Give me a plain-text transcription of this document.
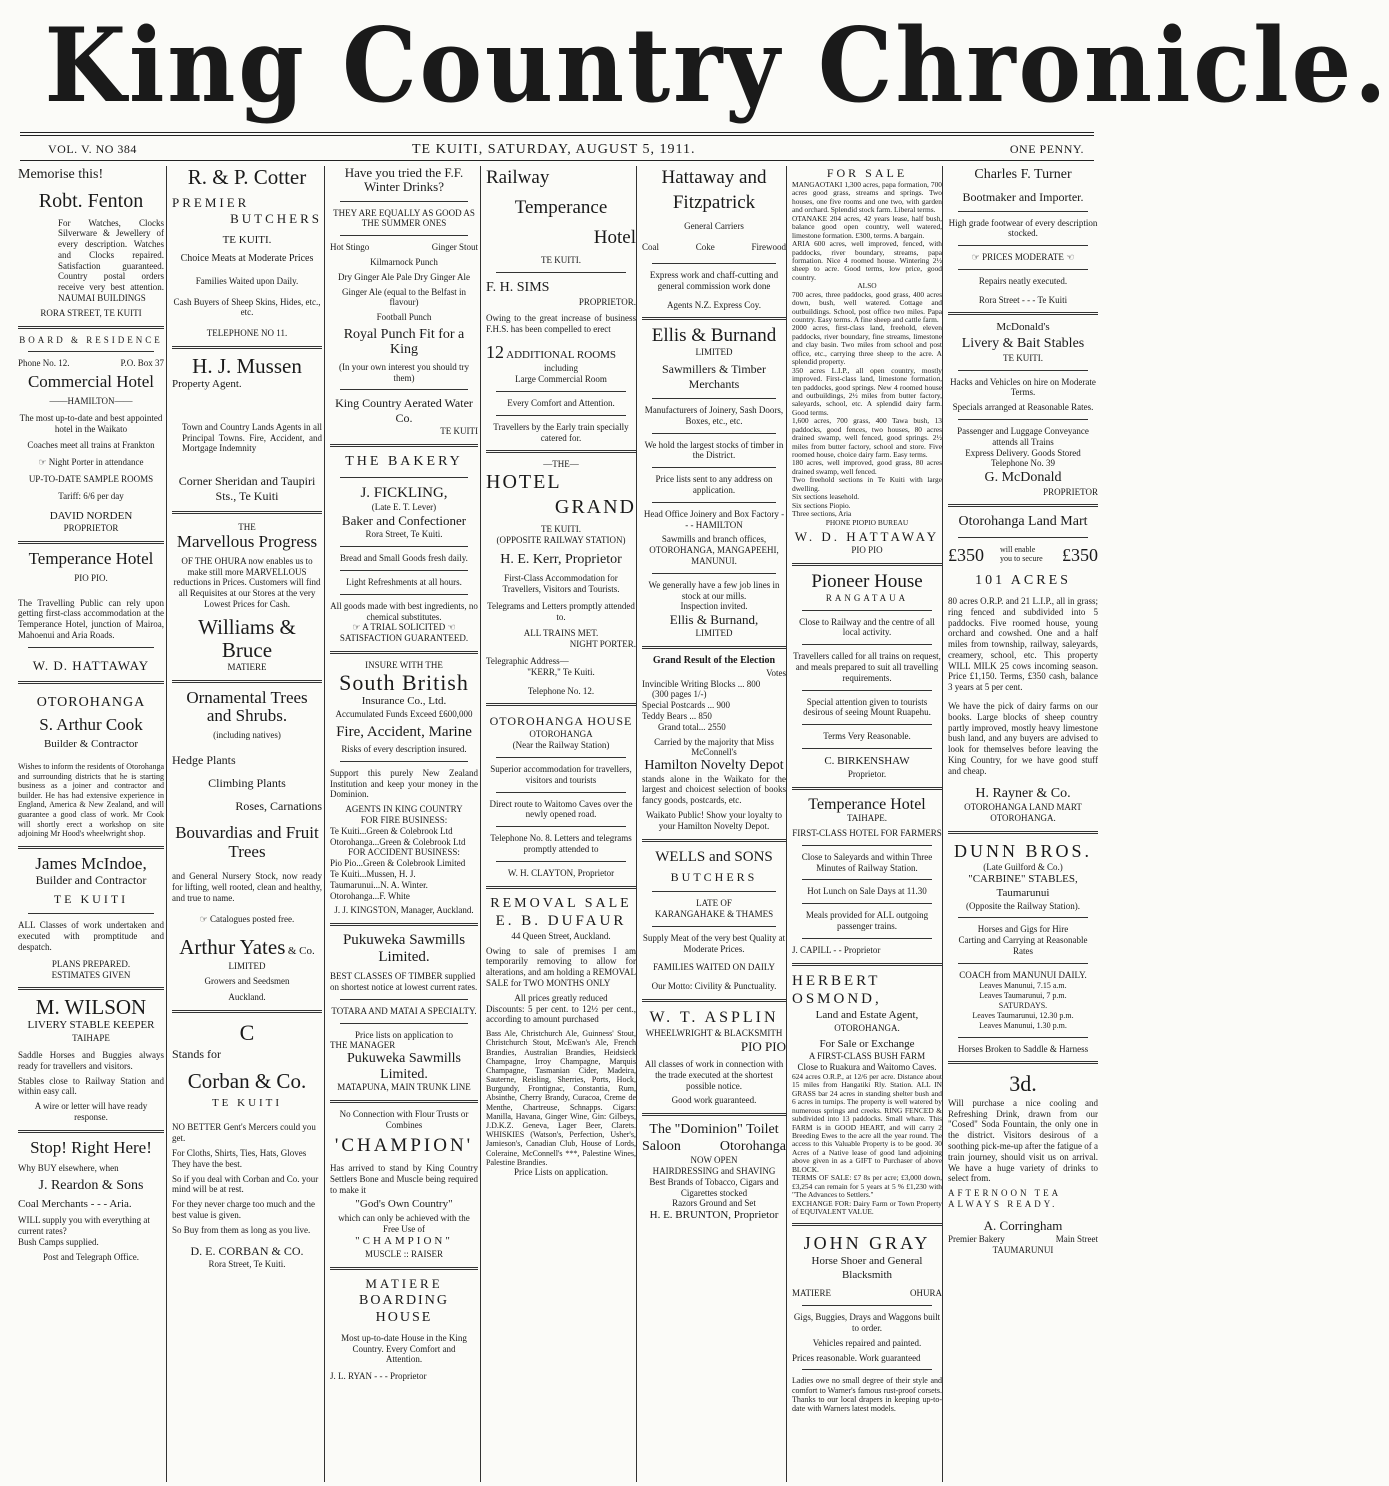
King Country Chronicle.
VOL. V. NO 384	TE KUITI, SATURDAY, AUGUST 5, 1911.	ONE PENNY.
Memorise this!
Robt. Fenton
For Watches, Clocks Silverware & Jewellery of every description. Watches and Clocks repaired. Satisfaction guaranteed. Country postal orders receive very best attention. NAUMAI BUILDINGS
RORA STREET, TE KUITI
BOARD & RESIDENCE
Phone No. 12.	P.O. Box 37
Commercial Hotel
——HAMILTON——
The most up-to-date and best appointed hotel in the Waikato
Coaches meet all trains at Frankton
☞ Night Porter in attendance
UP-TO-DATE SAMPLE ROOMS
Tariff: 6/6 per day
DAVID NORDEN
PROPRIETOR
Temperance Hotel
PIO PIO.
The Travelling Public can rely upon getting first-class accommodation at the Temperance Hotel, junction of Mairoa, Mahoenui and Aria Roads.
W. D. HATTAWAY
OTOROHANGA
S. Arthur Cook
Builder & Contractor
Wishes to inform the residents of Otorohanga and surrounding districts that he is starting business as a joiner and contractor and builder. He has had extensive experience in England, America & New Zealand, and will guarantee a good class of work. Mr Cook will shortly erect a workshop on site adjoining Mr Hood's wheelwright shop.
James McIndoe,
Builder and Contractor
TE KUITI
ALL Classes of work undertaken and executed with promptitude and despatch.
PLANS PREPARED.
ESTIMATES GIVEN
M. WILSON
LIVERY STABLE KEEPER
TAIHAPE
Saddle Horses and Buggies always ready for travellers and visitors.
Stables close to Railway Station and within easy call.
A wire or letter will have ready response.
Stop! Right Here!
Why BUY elsewhere, when
J. Reardon & Sons
Coal Merchants - - - Aria.
WILL supply you with everything at current rates?
Bush Camps supplied.
Post and Telegraph Office.
R. & P. Cotter
PREMIER
BUTCHERS
TE KUITI.
Choice Meats at Moderate Prices
Families Waited upon Daily.
Cash Buyers of Sheep Skins, Hides, etc., etc.
TELEPHONE NO 11.
H. J. Mussen
Property Agent.
Town and Country Lands Agents in all Principal Towns. Fire, Accident, and Mortgage Indemnity
Corner Sheridan and Taupiri Sts., Te Kuiti
THE
Marvellous Progress
OF THE OHURA now enables us to make still more MARVELLOUS reductions in Prices. Customers will find all Requisites at our Stores at the very Lowest Prices for Cash.
Williams & Bruce
MATIERE
Ornamental Trees and Shrubs.
(including natives)
Hedge Plants
Climbing Plants
Roses, Carnations
Bouvardias and Fruit Trees
and General Nursery Stock, now ready for lifting, well rooted, clean and healthy, and true to name.
☞ Catalogues posted free.
Arthur Yates & Co.
LIMITED
Growers and Seedsmen
Auckland.
C
Stands for
Corban & Co.
TE KUITI
NO BETTER Gent's Mercers could you get.
For Cloths, Shirts, Ties, Hats, Gloves They have the best.
So if you deal with Corban and Co. your mind will be at rest.
For they never charge too much and the best value is given.
So Buy from them as long as you live.
D. E. CORBAN & CO.
Rora Street, Te Kuiti.
Have you tried the F.F. Winter Drinks?
THEY ARE EQUALLY AS GOOD AS THE SUMMER ONES
Hot Stingo	Ginger Stout
Kilmarnock Punch
Dry Ginger Ale Pale Dry Ginger Ale
Ginger Ale (equal to the Belfast in flavour)
Football Punch
Royal Punch Fit for a King
(In your own interest you should try them)
King Country Aerated Water Co.
TE KUITI
THE BAKERY
J. FICKLING,
(Late E. T. Lever)
Baker and Confectioner
Rora Street, Te Kuiti.
Bread and Small Goods fresh daily.
Light Refreshments at all hours.
All goods made with best ingredients, no chemical substitutes.
☞ A TRIAL SOLICITED ☜
SATISFACTION GUARANTEED.
INSURE WITH THE
South British
Insurance Co., Ltd.
Accumulated Funds Exceed £600,000
Fire, Accident, Marine
Risks of every description insured.
Support this purely New Zealand Institution and keep your money in the Dominion.
AGENTS IN KING COUNTRY
FOR FIRE BUSINESS:
Te Kuiti...Green & Colebrook Ltd
Otorohanga...Green & Colebrook Ltd
FOR ACCIDENT BUSINESS:
Pio Pio...Green & Colebrook Limited
Te Kuiti...Mussen, H. J.
Taumarunui...N. A. Winter.
Otorohanga...F. White
J. J. KINGSTON, Manager, Auckland.
Pukuweka Sawmills Limited.
BEST CLASSES OF TIMBER supplied on shortest notice at lowest current rates.
TOTARA AND MATAI A SPECIALTY.
Price lists on application to
THE MANAGER
Pukuweka Sawmills Limited.
MATAPUNA, MAIN TRUNK LINE
No Connection with Flour Trusts or Combines
'CHAMPION'
Has arrived to stand by King Country Settlers Bone and Muscle being required to make it
"God's Own Country"
which can only be achieved with the Free Use of
"CHAMPION"
MUSCLE :: RAISER
MATIERE
BOARDING HOUSE
Most up-to-date House in the King Country. Every Comfort and Attention.
J. L. RYAN - - - Proprietor
Railway
Temperance
Hotel
TE KUITI.
F. H. SIMS
PROPRIETOR.
Owing to the great increase of business F.H.S. has been compelled to erect
12 ADDITIONAL ROOMS
including
Large Commercial Room
Every Comfort and Attention.
Travellers by the Early train specially catered for.
—THE—
HOTEL
GRAND
TE KUITI.
(OPPOSITE RAILWAY STATION)
H. E. Kerr, Proprietor
First-Class Accommodation for Travellers, Visitors and Tourists.
Telegrams and Letters promptly attended to.
ALL TRAINS MET.
NIGHT PORTER.
Telegraphic Address—
"KERR," Te Kuiti.
Telephone No. 12.
OTOROHANGA HOUSE
OTOROHANGA
(Near the Railway Station)
Superior accommodation for travellers, visitors and tourists
Direct route to Waitomo Caves over the newly opened road.
Telephone No. 8. Letters and telegrams promptly attended to
W. H. CLAYTON, Proprietor
REMOVAL SALE
E. B. DUFAUR
44 Queen Street, Auckland.
Owing to sale of premises I am temporarily removing to allow for alterations, and am holding a REMOVAL SALE for TWO MONTHS ONLY
All prices greatly reduced
Discounts: 5 per cent. to 12½ per cent., according to amount purchased
Bass Ale, Christchurch Ale, Guinness' Stout, Christchurch Stout, McEwan's Ale, French Brandies, Australian Brandies, Heidsieck Champagne, Irroy Champagne, Marquis Champagne, Tasmanian Cider, Madeira, Sauterne, Reisling, Sherries, Ports, Hock, Burgundy, Frontignac, Constantia, Rum, Absinthe, Cherry Brandy, Curacoa, Creme de Menthe, Chartreuse, Schnapps. Cigars: Manilla, Havana, Ginger Wine, Gin: Gilbeys, J.D.K.Z. Geneva, Lager Beer, Clarets. WHISKIES (Watson's, Perfection, Usher's, Jamieson's, Canadian Club, House of Lords, Coleraine, McConnell's ***, Palestine Wines, Palestine Brandies.
Price Lists on application.
Hattaway and Fitzpatrick
General Carriers
Coal	Coke	Firewood
Express work and chaff-cutting and general commission work done
Agents N.Z. Express Coy.
Ellis & Burnand
LIMITED
Sawmillers & Timber Merchants
Manufacturers of Joinery, Sash Doors, Boxes, etc., etc.
We hold the largest stocks of timber in the District.
Price lists sent to any address on application.
Head Office Joinery and Box Factory - - - HAMILTON
Sawmills and branch offices, OTOROHANGA, MANGAPEEHI, MANUNUI.
We generally have a few job lines in stock at our mills.
Inspection invited.
Ellis & Burnand,
LIMITED
Grand Result of the Election
Votes
Invincible Writing Blocks ... 800
(300 pages 1/-)
Special Postcards ... 900
Teddy Bears ... 850
Grand total... 2550
Carried by the majority that Miss McConnell's
Hamilton Novelty Depot
stands alone in the Waikato for the largest and choicest selection of books fancy goods, postcards, etc.
Waikato Public! Show your loyalty to your Hamilton Novelty Depot.
WELLS and SONS
BUTCHERS
LATE OF
KARANGAHAKE & THAMES
Supply Meat of the very best Quality at Moderate Prices.
FAMILIES WAITED ON DAILY
Our Motto: Civility & Punctuality.
W. T. ASPLIN
WHEELWRIGHT & BLACKSMITH
PIO PIO
All classes of work in connection with the trade executed at the shortest possible notice.
Good work guaranteed.
The "Dominion" Toilet
Saloon	Otorohanga
NOW OPEN
HAIRDRESSING and SHAVING
Best Brands of Tobacco, Cigars and Cigarettes stocked
Razors Ground and Set
H. E. BRUNTON, Proprietor
FOR SALE
MANGAOTAKI 1,300 acres, papa formation, 700 acres good grass, streams and springs. Two houses, one five rooms and one two, with garden and orchard. Splendid stock farm. Liberal terms.
OTANAKE 204 acres, 42 years lease, half bush, balance good open country, well watered, limestone formation. £300, terms. A bargain.
ARIA 600 acres, well improved, fenced, with paddocks, river boundary, streams, papa formation. Nice 4 roomed house. Wintering 2½ sheep to acre. Good terms, low price, good country.
ALSO
700 acres, three paddocks, good grass, 400 acres down, bush, well watered. Cottage and outbuildings. School, post office two miles. Papa country. Easy terms. A fine sheep and cattle farm.
2000 acres, first-class land, freehold, eleven paddocks, river boundary, fine streams, limestone and clay basin. Two miles from school and post office, etc., carrying three sheep to the acre. A splendid property.
350 acres L.I.P., all open country, mostly improved. First-class land, limestone formation, ten paddocks, good springs. New 4 roomed house and outbuildings, 2½ miles from butter factory, saleyards, school, etc. A splendid dairy farm. Good terms.
1,600 acres, 700 grass, 400 Tawa bush, 13 paddocks, good fences, two houses, 80 acres drained swamp, well fenced, good springs. 2½ miles from butter factory, school and store. Five roomed house, choice dairy farm. Easy terms.
180 acres, well improved, good grass, 80 acres drained swamp, well fenced.
Two freehold sections in Te Kuiti with large dwelling.
Six sections leasehold.
Six sections Piopio.
Three sections, Aria
PHONE PIOPIO BUREAU
W. D. HATTAWAY
PIO PIO
Pioneer House
RANGATAUA
Close to Railway and the centre of all local activity.
Travellers called for all trains on request, and meals prepared to suit all travelling requirements.
Special attention given to tourists desirous of seeing Mount Ruapehu.
Terms Very Reasonable.
C. BIRKENSHAW
Proprietor.
Temperance Hotel
TAIHAPE.
FIRST-CLASS HOTEL FOR FARMERS
Close to Saleyards and within Three Minutes of Railway Station.
Hot Lunch on Sale Days at 11.30
Meals provided for ALL outgoing passenger trains.
J. CAPILL - - Proprietor
HERBERT OSMOND,
Land and Estate Agent,
OTOROHANGA.
For Sale or Exchange
A FIRST-CLASS BUSH FARM
Close to Ruakura and Waitomo Caves.
624 acres O.R.P., at 12/6 per acre. Distance about 15 miles from Hangatiki Rly. Station. ALL IN GRASS bar 24 acres in standing shelter bush and 6 acres in turnips. The property is well watered by numerous springs and creeks. RING FENCED & subdivided into 13 paddocks. Small whare. This FARM is in GOOD HEART, and will carry 2 Breeding Ewes to the acre all the year round. The access to this Valuable Property is to be good. 30 Acres of a Native lease of good land adjoining above given in as a GIFT to Purchaser of above BLOCK.
TERMS OF SALE: £7 8s per acre; £3,000 down, £3,254 can remain for 5 years at 5 % £1,230 with "The Advances to Settlers."
EXCHANGE FOR: Dairy Farm or Town Property of EQUIVALENT VALUE.
JOHN GRAY
Horse Shoer and General Blacksmith
MATIERE	OHURA
Gigs, Buggies, Drays and Waggons built to order.
Vehicles repaired and painted.
Prices reasonable. Work guaranteed
Ladies owe no small degree of their style and comfort to Warner's famous rust-proof corsets. Thanks to our local drapers in keeping up-to-date with Warners latest models.
Charles F. Turner
Bootmaker and Importer.
High grade footwear of every description stocked.
☞ PRICES MODERATE ☜
Repairs neatly executed.
Rora Street - - - Te Kuiti
McDonald's
Livery & Bait Stables
TE KUITI.
Hacks and Vehicles on hire on Moderate Terms.
Specials arranged at Reasonable Rates.
Passenger and Luggage Conveyance attends all Trains
Express Delivery. Goods Stored
Telephone No. 39
G. McDonald
PROPRIETOR
Otorohanga Land Mart
£350 will enable you to secure £350
101 ACRES
80 acres O.R.P. and 21 L.I.P., all in grass; ring fenced and subdivided into 5 paddocks. Five roomed house, young orchard and cowshed. One and a half miles from township, railway, saleyards, creamery, school, etc. This property WILL MILK 25 cows incoming season. Price £1,150. Terms, £350 cash, balance 3 years at 5 per cent.
We have the pick of dairy farms on our books. Large blocks of sheep country partly improved, mostly heavy limestone bush land, and any buyers are advised to look for themselves before leaving the King Country, for we have good stuff and cheap.
H. Rayner & Co.
OTOROHANGA LAND MART
OTOROHANGA.
DUNN BROS.
(Late Guilford & Co.)
"CARBINE" STABLES,
Taumarunui
(Opposite the Railway Station).
Horses and Gigs for Hire
Carting and Carrying at Reasonable Rates
COACH from MANUNUI DAILY.
Leaves Manunui, 7.15 a.m.
Leaves Taumarunui, 7 p.m.
SATURDAYS.
Leaves Taumarunui, 12.30 p.m.
Leaves Manunui, 1.30 p.m.
Horses Broken to Saddle & Harness
3d.
Will purchase a nice cooling and Refreshing Drink, drawn from our "Cosed" Soda Fountain, the only one in the district. Visitors desirous of a soothing pick-me-up after the fatigue of a train journey, should visit us on arrival. We have a huge variety of drinks to select from.
AFTERNOON TEA ALWAYS READY.
A. Corringham
Premier Bakery	Main Street
TAUMARUNUI
